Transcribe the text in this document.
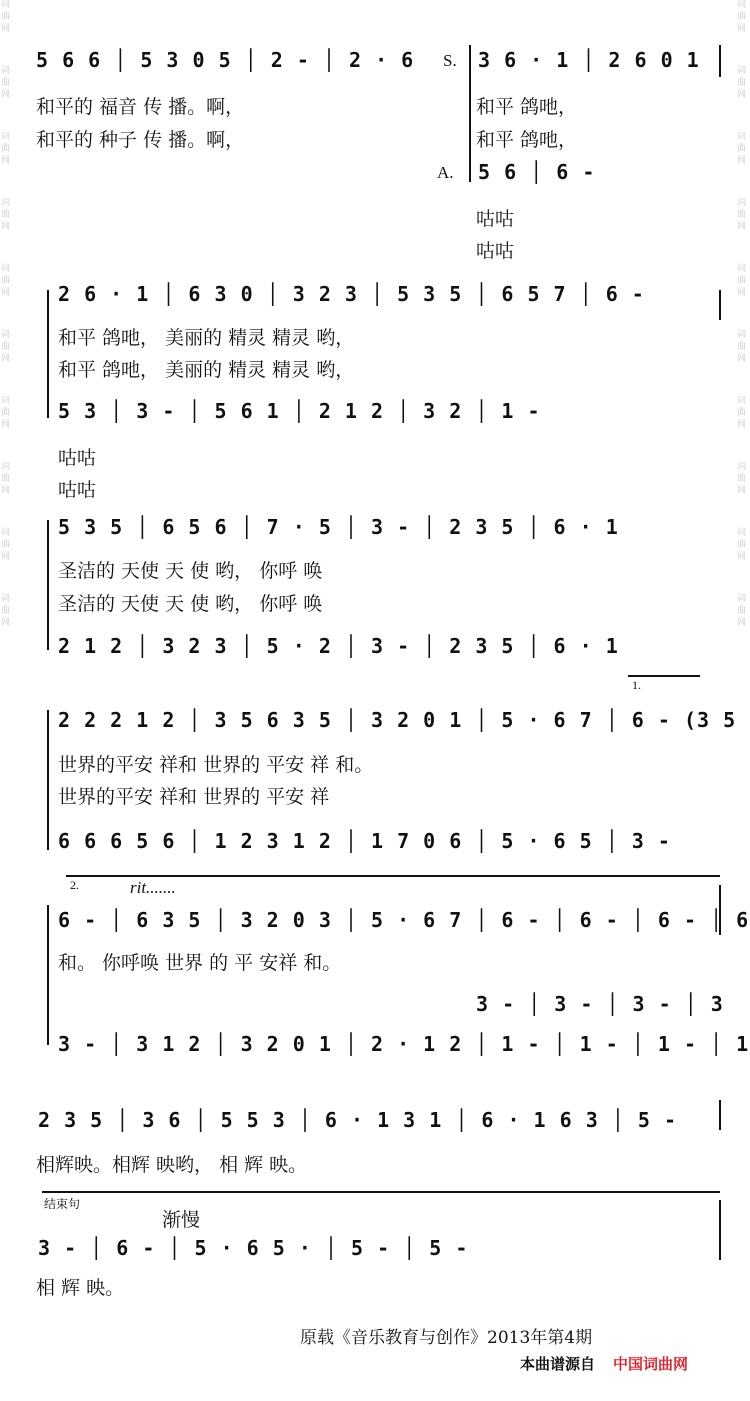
词
曲
网
词
曲
网
词
曲
网
词
曲
网
词
曲
网
词
曲
网
词
曲
网
词
曲
网
词
曲
网
词
曲
网
词
曲
网
词
曲
网
词
曲
网
词
曲
网
词
曲
网
词
曲
网
词
曲
网
词
曲
网
词
曲
网
词
曲
网
5 6 6 │ 5 3 0 5 │ 2 - │ 2 · 6 S. 3 6 · 1 │ 2 6 0 1
和平的 福音 传 播。啊，
和平的 种子 传 播。啊，
和平 鸽吔，
和平 鸽吔，
A. 5 6 │ 6 -
咕咕
咕咕
2 6 · 1 │ 6 3 0 │ 3 2 3 │ 5 3 5 │ 6 5 7 │ 6 -
和平 鸽吔， 美丽的 精灵 精灵 哟，
和平 鸽吔， 美丽的 精灵 精灵 哟，
5 3 │ 3 - │ 5 6 1 │ 2 1 2 │ 3 2 │ 1 -
咕咕
咕咕
5 3 5 │ 6 5 6 │ 7 · 5 │ 3 - │ 2 3 5 │ 6 · 1
圣洁的 天使 天 使 哟， 你呼 唤
圣洁的 天使 天 使 哟， 你呼 唤
2 1 2 │ 3 2 3 │ 5 · 2 │ 3 - │ 2 3 5 │ 6 · 1
1.
2 2 2 1 2 │ 3 5 6 3 5 │ 3 2 0 1 │ 5 · 6 7 │ 6 - (3 5
世界的平安 祥和 世界的 平安 祥 和。
世界的平安 祥和 世界的 平安 祥
6 6 6 5 6 │ 1 2 3 1 2 │ 1 7 0 6 │ 5 · 6 5 │ 3 -
2.	rit.......
6 - │ 6 3 5 │ 3 2 0 3 │ 5 · 6 7 │ 6 - │ 6 - │ 6 - │ 6
和。 你呼唤 世界 的 平 安祥 和。
3 - │ 3 - │ 3 - │ 3
3 - │ 3 1 2 │ 3 2 0 1 │ 2 · 1 2 │ 1 - │ 1 - │ 1 - │ 1
2 3 5 │ 3 6 │ 5 5 3 │ 6 · 1 3 1 │ 6 · 1 6 3 │ 5 -
相辉映。相辉 映哟， 相 辉 映。
结束句
渐慢
3 - │ 6 - │ 5 · 6 5 · │ 5 - │ 5 -
相 辉 映。
原载《音乐教育与创作》2013年第4期
本曲谱源自 中国词曲网
